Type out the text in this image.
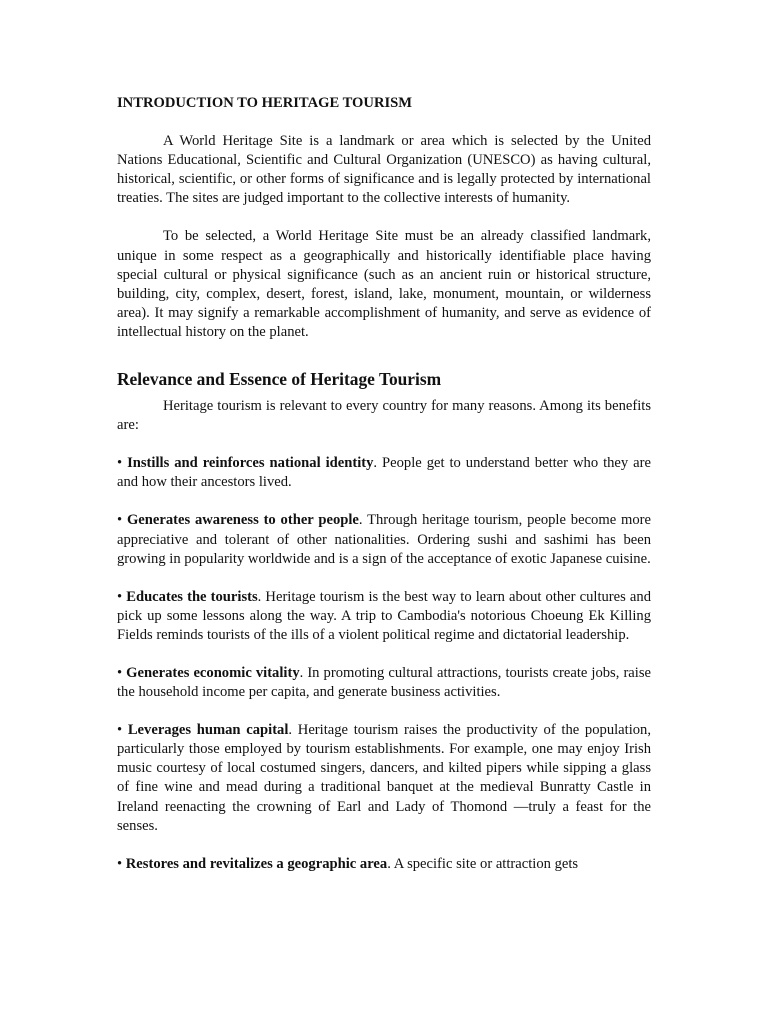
INTRODUCTION TO HERITAGE TOURISM

A World Heritage Site is a landmark or area which is selected by the United Nations Educational, Scientific and Cultural Organization (UNESCO) as having cultural, historical, scientific, or other forms of significance and is legally protected by international treaties. The sites are judged important to the collective interests of humanity.

To be selected, a World Heritage Site must be an already classified landmark, unique in some respect as a geographically and historically identifiable place having special cultural or physical significance (such as an ancient ruin or historical structure, building, city, complex, desert, forest, island, lake, monument, mountain, or wilderness area). It may signify a remarkable accomplishment of humanity, and serve as evidence of intellectual history on the planet.

Relevance and Essence of Heritage Tourism

Heritage tourism is relevant to every country for many reasons. Among its benefits are:

• Instills and reinforces national identity. People get to understand better who they are and how their ancestors lived.

• Generates awareness to other people. Through heritage tourism, people become more appreciative and tolerant of other nationalities. Ordering sushi and sashimi has been growing in popularity worldwide and is a sign of the acceptance of exotic Japanese cuisine.

• Educates the tourists. Heritage tourism is the best way to learn about other cultures and pick up some lessons along the way. A trip to Cambodia's notorious Choeung Ek Killing Fields reminds tourists of the ills of a violent political regime and dictatorial leadership.

• Generates economic vitality. In promoting cultural attractions, tourists create jobs, raise the household income per capita, and generate business activities.

• Leverages human capital. Heritage tourism raises the productivity of the population, particularly those employed by tourism establishments. For example, one may enjoy Irish music courtesy of local costumed singers, dancers, and kilted pipers while sipping a glass of fine wine and mead during a traditional banquet at the medieval Bunratty Castle in Ireland reenacting the crowning of Earl and Lady of Thomond —truly a feast for the senses.

• Restores and revitalizes a geographic area. A specific site or attraction gets
